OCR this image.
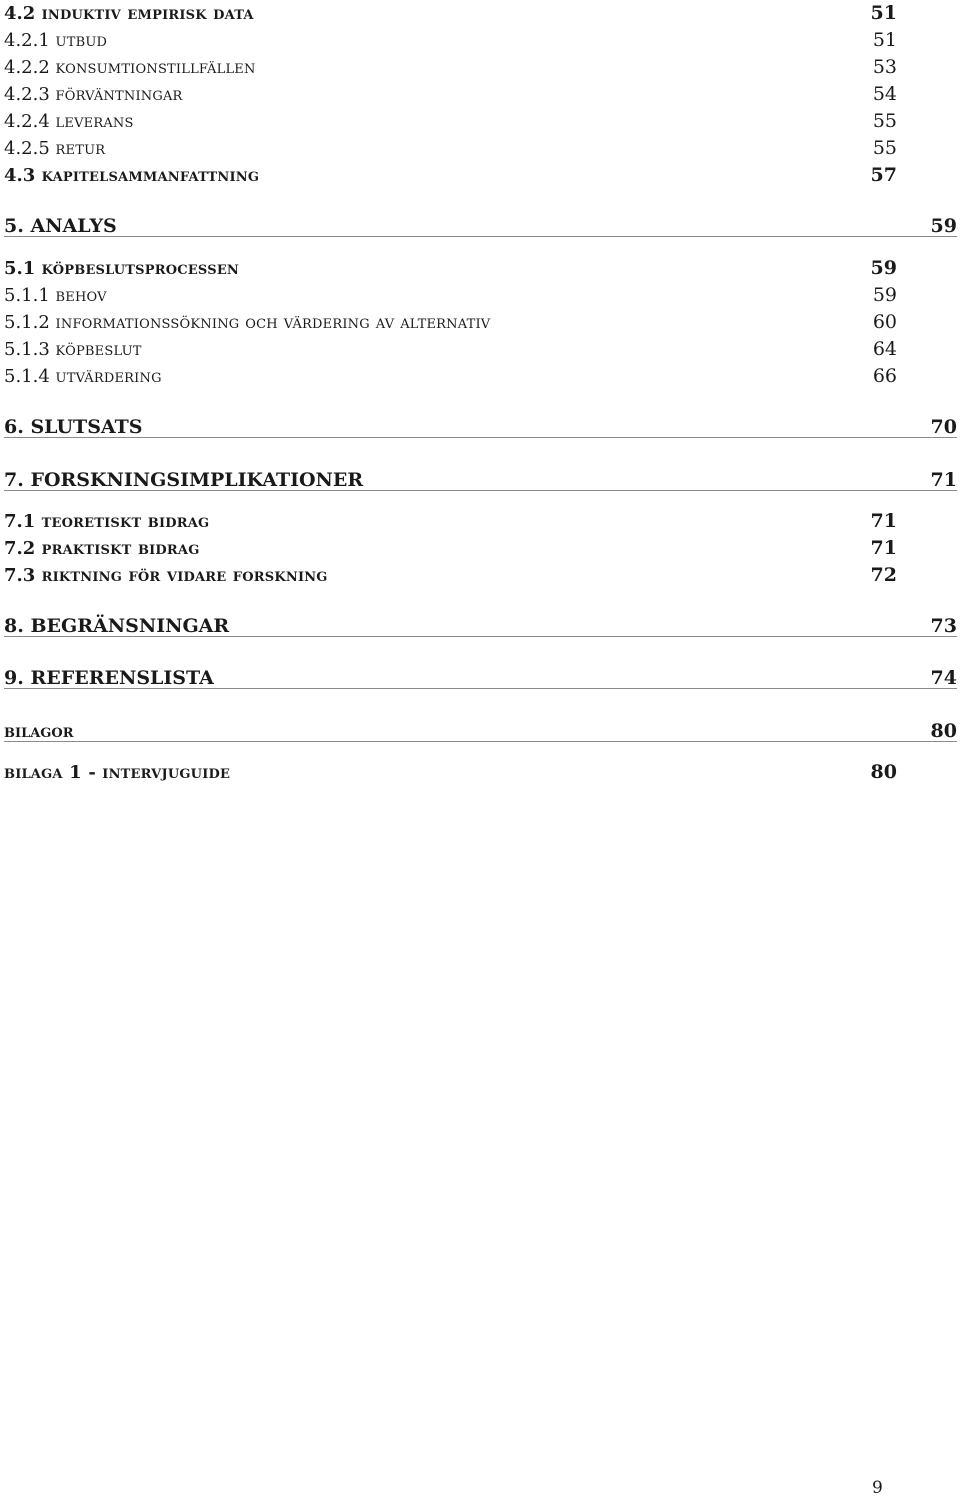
4.2 induktiv empirisk data	51
4.2.1 utbud	51
4.2.2 konsumtionstillfällen	53
4.2.3 förväntningar	54
4.2.4 leverans	55
4.2.5 retur	55
4.3 kapitelsammanfattning	57
5. ANALYS	59
5.1 köpbeslutsprocessen	59
5.1.1 behov	59
5.1.2 informationssökning och värdering av alternativ	60
5.1.3 köpbeslut	64
5.1.4 utvärdering	66
6. SLUTSATS	70
7. FORSKNINGSIMPLIKATIONER	71
7.1 teoretiskt bidrag	71
7.2 praktiskt bidrag	71
7.3 riktning för vidare forskning	72
8. BEGRÄNSNINGAR	73
9. REFERENSLISTA	74
bilagor	80
bilaga 1 - intervjuguide	80
9
